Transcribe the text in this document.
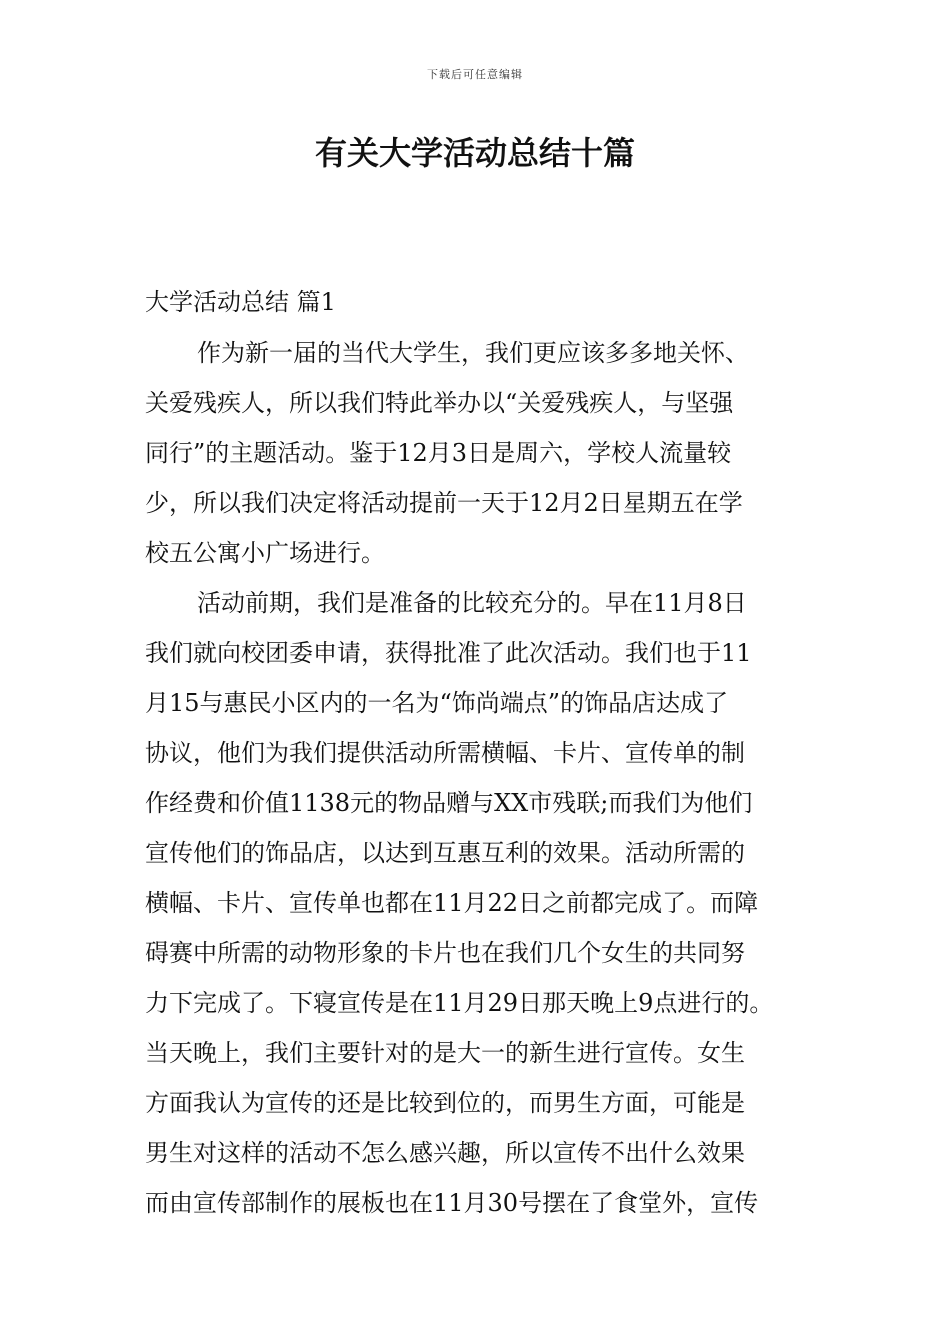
下载后可任意编辑
有关大学活动总结十篇
大学活动总结 篇1
作为新一届的当代大学生，我们更应该多多地关怀、
关爱残疾人，所以我们特此举办以“关爱残疾人，与坚强
同行”的主题活动。鉴于12月3日是周六，学校人流量较
少，所以我们决定将活动提前一天于12月2日星期五在学
校五公寓小广场进行。
活动前期，我们是准备的比较充分的。早在11月8日
我们就向校团委申请，获得批准了此次活动。我们也于11
月15与惠民小区内的一名为“饰尚端点”的饰品店达成了
协议，他们为我们提供活动所需横幅、卡片、宣传单的制
作经费和价值1138元的物品赠与XX市残联;而我们为他们
宣传他们的饰品店，以达到互惠互利的效果。活动所需的
横幅、卡片、宣传单也都在11月22日之前都完成了。而障
碍赛中所需的动物形象的卡片也在我们几个女生的共同努
力下完成了。下寝宣传是在11月29日那天晚上9点进行的。
当天晚上，我们主要针对的是大一的新生进行宣传。女生
方面我认为宣传的还是比较到位的，而男生方面，可能是
男生对这样的活动不怎么感兴趣，所以宣传不出什么效果
而由宣传部制作的展板也在11月30号摆在了食堂外，宣传
